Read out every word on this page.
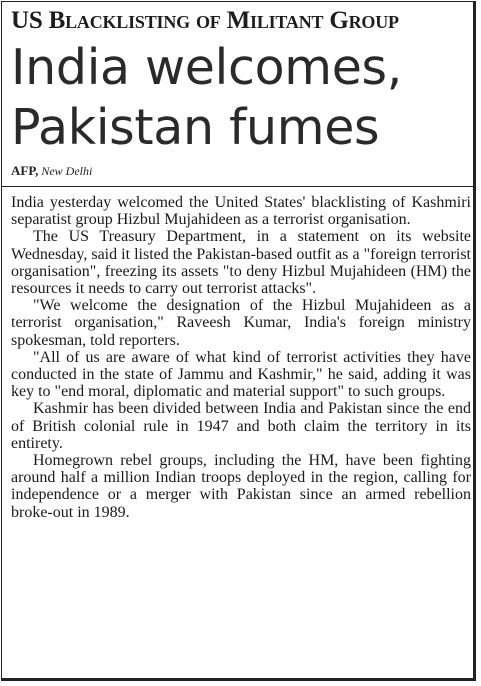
US Blacklisting of Militant Group
India welcomes,
Pakistan fumes

AFP, New Delhi

India yesterday welcomed the United States' blacklisting of Kashmiri separatist group Hizbul Mujahideen as a terrorist organisation.

The US Treasury Department, in a statement on its website Wednesday, said it listed the Pakistan-based outfit as a "foreign terrorist organisation", freezing its assets "to deny Hizbul Mujahideen (HM) the resources it needs to carry out terrorist attacks".

"We welcome the designation of the Hizbul Mujahideen as a terrorist organisation," Raveesh Kumar, India's foreign ministry spokesman, told reporters.

"All of us are aware of what kind of terrorist activities they have conducted in the state of Jammu and Kashmir," he said, adding it was key to "end moral, diplomatic and material support" to such groups.

Kashmir has been divided between India and Pakistan since the end of British colonial rule in 1947 and both claim the territory in its entirety.

Homegrown rebel groups, including the HM, have been fighting around half a million Indian troops deployed in the region, calling for independence or a merger with Pakistan since an armed rebellion broke-out in 1989.
